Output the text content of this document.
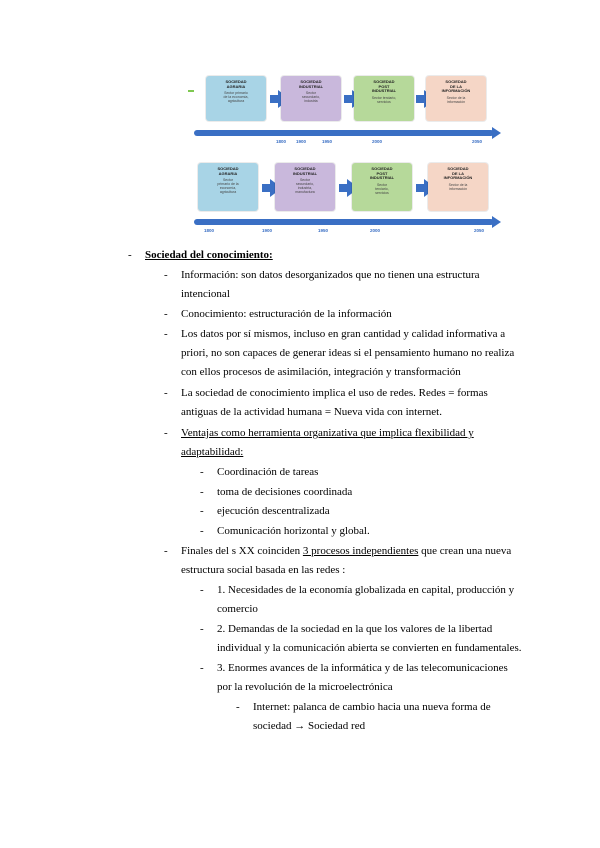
SOCIEDAD
AGRARIA
Sector primario
de la economía,
agricultura
SOCIEDAD
INDUSTRIAL
Sector
secundario,
industria
SOCIEDAD
POST
INDUSTRIAL
Sector terciario,
servicios
SOCIEDAD
DE LA
INFORMACIÓN
Sector de la
información
1800 1900	1950	2000	2050
SOCIEDAD
AGRARIA
Sector
primario de la
economía,
agricultura
SOCIEDAD
INDUSTRIAL
Sector
secundario,
industria,
manufactura
SOCIEDAD
POST
INDUSTRIAL
Sector
terciario,
servicios
SOCIEDAD
DE LA
INFORMACIÓN
Sector de la
información
1800	1900	1950	2000	2050
- Sociedad del conocimiento:
- Información: son datos desorganizados que no tienen una estructura
intencional
- Conocimiento: estructuración de la información
- Los datos por sí mismos, incluso en gran cantidad y calidad informativa a
priori, no son capaces de generar ideas si el pensamiento humano no realiza
con ellos procesos de asimilación, integración y transformación
- La sociedad de conocimiento implica el uso de redes. Redes = formas
antiguas de la actividad humana = Nueva vida con internet.
- Ventajas como herramienta organizativa que implica flexibilidad y
adaptabilidad:
- Coordinación de tareas
- toma de decisiones coordinada
- ejecución descentralizada
- Comunicación horizontal y global.
- Finales del s XX coinciden 3 procesos independientes que crean una nueva
estructura social basada en las redes :
- 1. Necesidades de la economía globalizada en capital, producción y
comercio
- 2. Demandas de la sociedad en la que los valores de la libertad
individual y la comunicación abierta se convierten en fundamentales.
- 3. Enormes avances de la informática y de las telecomunicaciones
por la revolución de la microelectrónica
- Internet: palanca de cambio hacia una nueva forma de
sociedad → Sociedad red
